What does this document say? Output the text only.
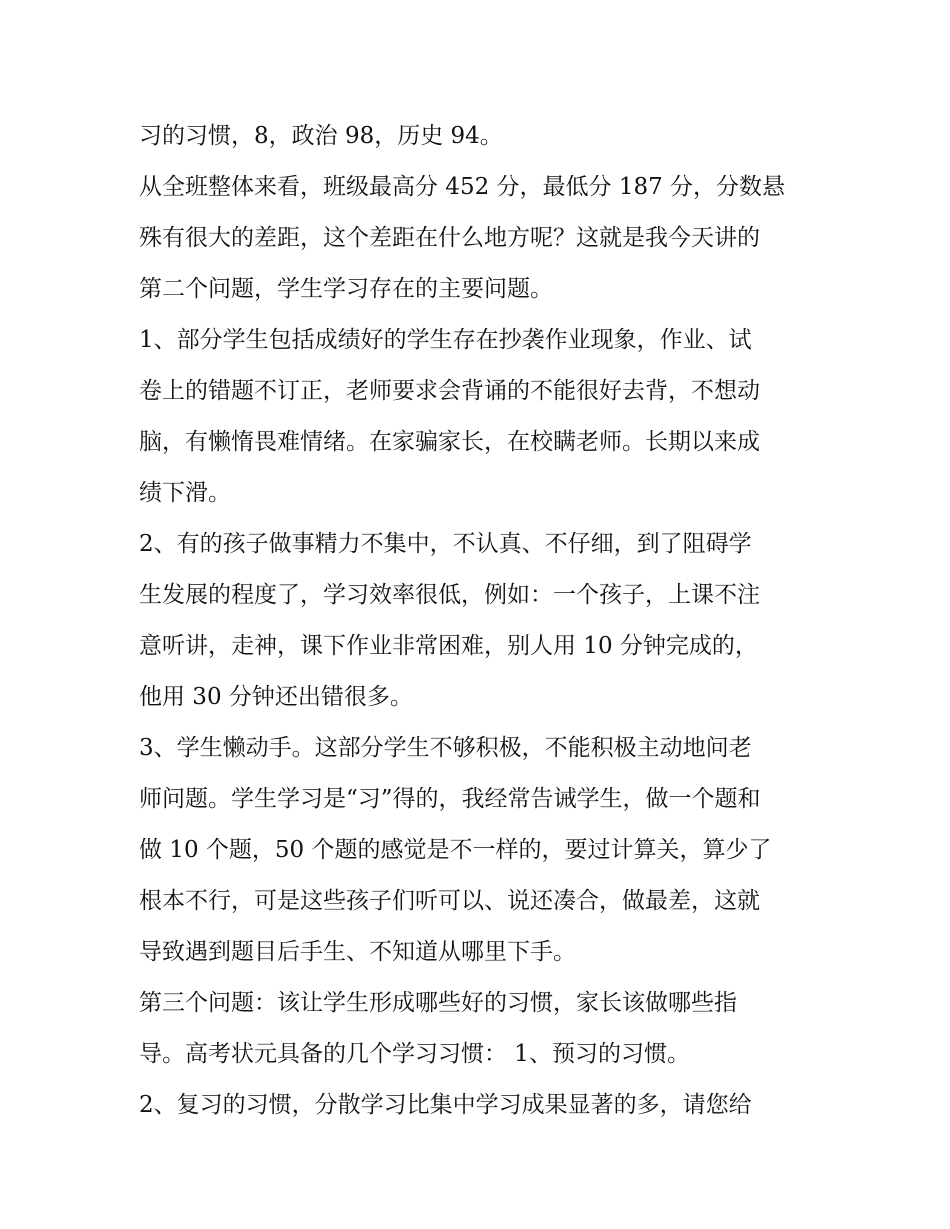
习的习惯，8，政治 98，历史 94。
从全班整体来看，班级最高分 452 分，最低分 187 分，分数悬
殊有很大的差距，这个差距在什么地方呢？这就是我今天讲的
第二个问题，学生学习存在的主要问题。
1、部分学生包括成绩好的学生存在抄袭作业现象，作业、试
卷上的错题不订正，老师要求会背诵的不能很好去背，不想动
脑，有懒惰畏难情绪。在家骗家长，在校瞒老师。长期以来成
绩下滑。
2、有的孩子做事精力不集中，不认真、不仔细，到了阻碍学
生发展的程度了，学习效率很低，例如：一个孩子，上课不注
意听讲，走神，课下作业非常困难，别人用 10 分钟完成的，
他用 30 分钟还出错很多。
3、学生懒动手。这部分学生不够积极，不能积极主动地问老
师问题。学生学习是“习”得的，我经常告诫学生，做一个题和
做 10 个题，50 个题的感觉是不一样的，要过计算关，算少了
根本不行，可是这些孩子们听可以、说还凑合，做最差，这就
导致遇到题目后手生、不知道从哪里下手。
第三个问题：该让学生形成哪些好的习惯，家长该做哪些指
导。高考状元具备的几个学习习惯： 1、预习的习惯。
2、复习的习惯，分散学习比集中学习成果显著的多，请您给
